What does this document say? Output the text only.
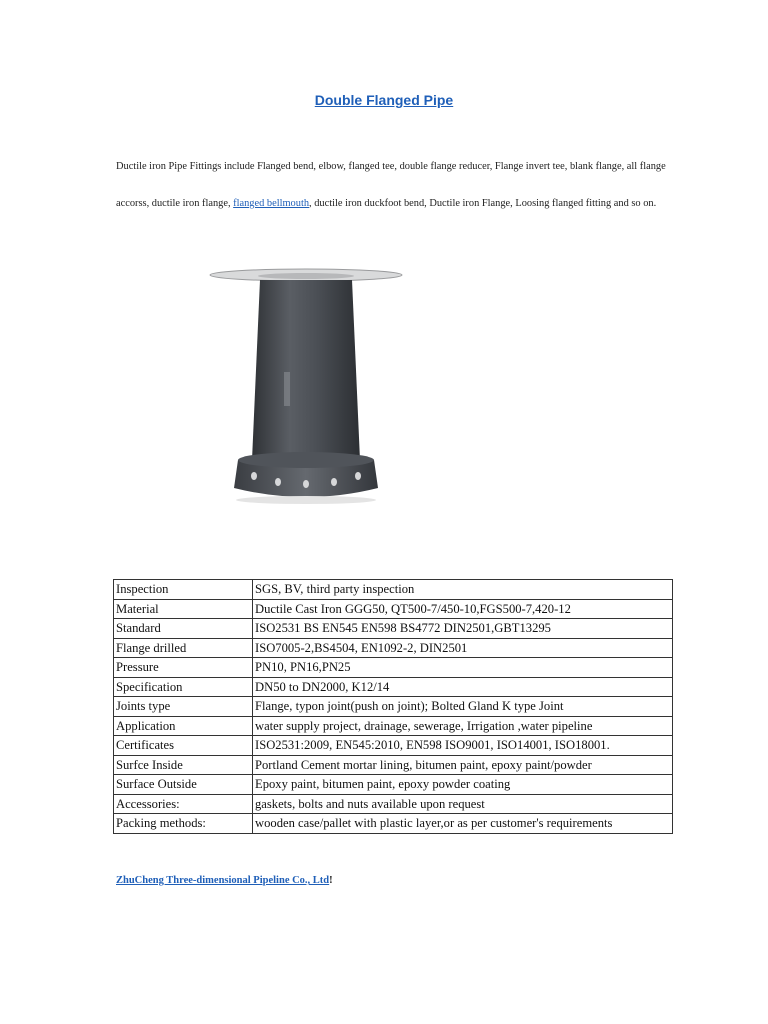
Double Flanged Pipe

Ductile iron Pipe Fittings include Flanged bend, elbow, flanged tee, double flange reducer, Flange invert tee, blank flange, all flange accorss, ductile iron flange, flanged bellmouth, ductile iron duckfoot bend, Ductile iron Flange, Loosing flanged fitting and so on.

Inspection	SGS, BV, third party inspection
Material	Ductile Cast Iron GGG50, QT500-7/450-10,FGS500-7,420-12
Standard	ISO2531 BS EN545 EN598 BS4772 DIN2501,GBT13295
Flange drilled	ISO7005-2,BS4504, EN1092-2, DIN2501
Pressure	PN10, PN16,PN25
Specification	DN50 to DN2000, K12/14
Joints type	Flange, typon joint(push on joint); Bolted Gland K type Joint
Application	water supply project, drainage, sewerage, Irrigation ,water pipeline
Certificates	ISO2531:2009, EN545:2010, EN598 ISO9001, ISO14001, ISO18001.
Surfce Inside	Portland Cement mortar lining, bitumen paint, epoxy paint/powder
Surface Outside	Epoxy paint, bitumen paint, epoxy powder coating
Accessories:	gaskets, bolts and nuts available upon request
Packing methods:	wooden case/pallet with plastic layer,or as per customer's requirements
ZhuCheng Three-dimensional Pipeline Co., Ltd!
